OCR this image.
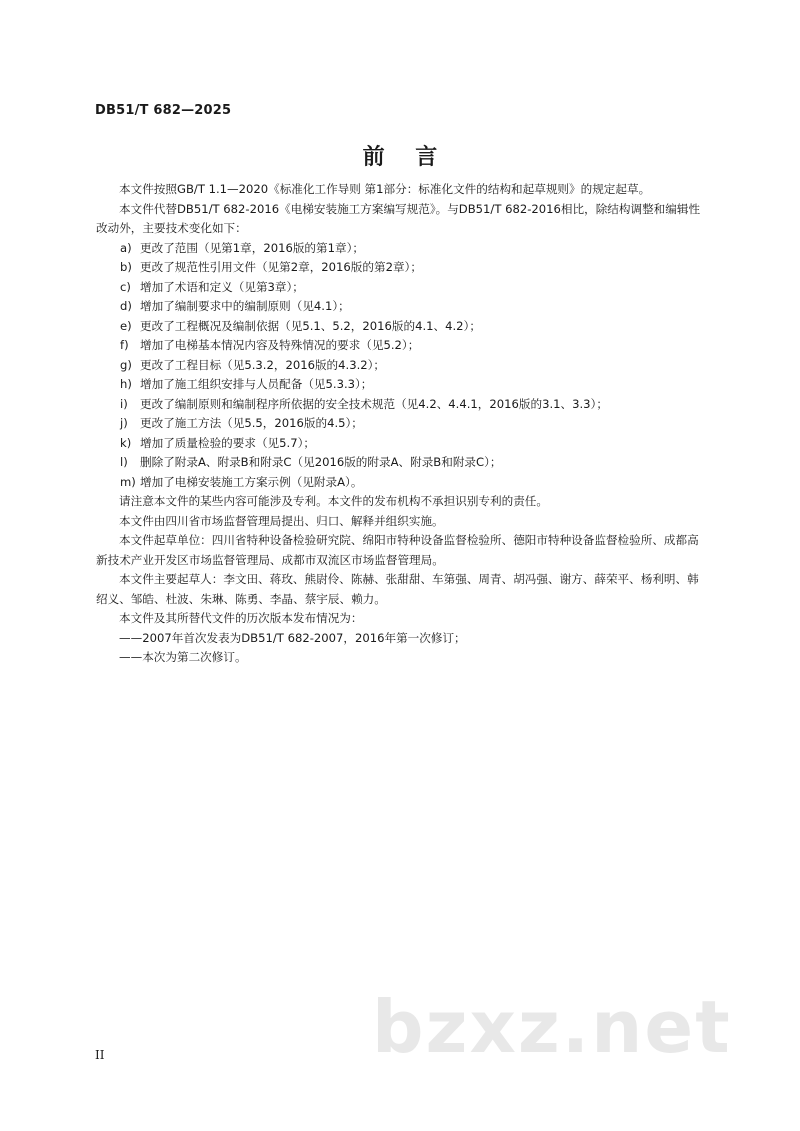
DB51/T 682—2025
前    言

本文件按照GB/T 1.1—2020《标准化工作导则 第1部分：标准化文件的结构和起草规则》的规定起草。

本文件代替DB51/T 682-2016《电梯安装施工方案编写规范》。与DB51/T 682-2016相比，除结构调整和编辑性改动外，主要技术变化如下：

a) 更改了范围（见第1章，2016版的第1章）；

b) 更改了规范性引用文件（见第2章，2016版的第2章）；

c) 增加了术语和定义（见第3章）；

d) 增加了编制要求中的编制原则（见4.1）；

e) 更改了工程概况及编制依据（见5.1、5.2，2016版的4.1、4.2）；

f) 增加了电梯基本情况内容及特殊情况的要求（见5.2）；

g) 更改了工程目标（见5.3.2，2016版的4.3.2）；

h) 增加了施工组织安排与人员配备（见5.3.3）；

i) 更改了编制原则和编制程序所依据的安全技术规范（见4.2、4.4.1，2016版的3.1、3.3）；

j) 更改了施工方法（见5.5，2016版的4.5）；

k) 增加了质量检验的要求（见5.7）；

l) 删除了附录A、附录B和附录C（见2016版的附录A、附录B和附录C）；

m) 增加了电梯安装施工方案示例（见附录A）。

请注意本文件的某些内容可能涉及专利。本文件的发布机构不承担识别专利的责任。

本文件由四川省市场监督管理局提出、归口、解释并组织实施。

本文件起草单位：四川省特种设备检验研究院、绵阳市特种设备监督检验所、德阳市特种设备监督检验所、成都高新技术产业开发区市场监督管理局、成都市双流区市场监督管理局。

本文件主要起草人：李文田、蒋玫、熊尉伶、陈赫、张甜甜、车第强、周青、胡冯强、谢方、薛荣平、杨利明、韩绍义、邹皓、杜波、朱琳、陈勇、李晶、蔡宇辰、赖力。

本文件及其所替代文件的历次版本发布情况为：

——2007年首次发表为DB51/T 682-2007，2016年第一次修订；

——本次为第二次修订。

bzxz.net
II
